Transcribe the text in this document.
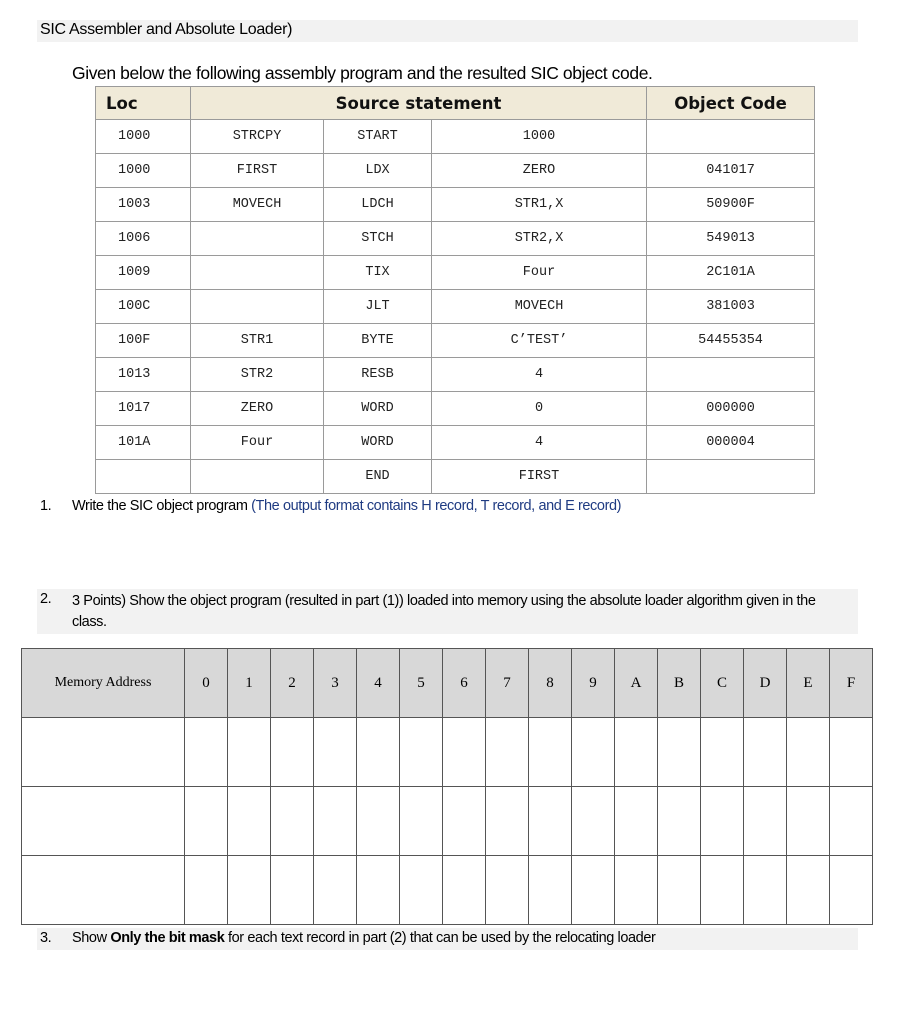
SIC Assembler and Absolute Loader)
Given below the following assembly program and the resulted SIC object code.
Loc	Source statement			Object Code
1000	STRCPY	START	1000	
1000	FIRST	LDX	ZERO	041017
1003	MOVECH	LDCH	STR1,X	50900F
1006		STCH	STR2,X	549013
1009		TIX	Four	2C101A
100C		JLT	MOVECH	381003
100F	STR1	BYTE	C’TEST’	54455354
1013	STR2	RESB	4	
1017	ZERO	WORD	0	000000
101A	Four	WORD	4	000004
		END	FIRST	
1. Write the SIC object program (The output format contains H record, T record, and E record)
2. 3 Points) Show the object program (resulted in part (1)) loaded into memory using the absolute loader algorithm given in the class.
Memory Address	0	1	2	3	4	5	6	7	8	9	A	B	C	D	E	F

3. Show Only the bit mask for each text record in part (2) that can be used by the relocating loader
